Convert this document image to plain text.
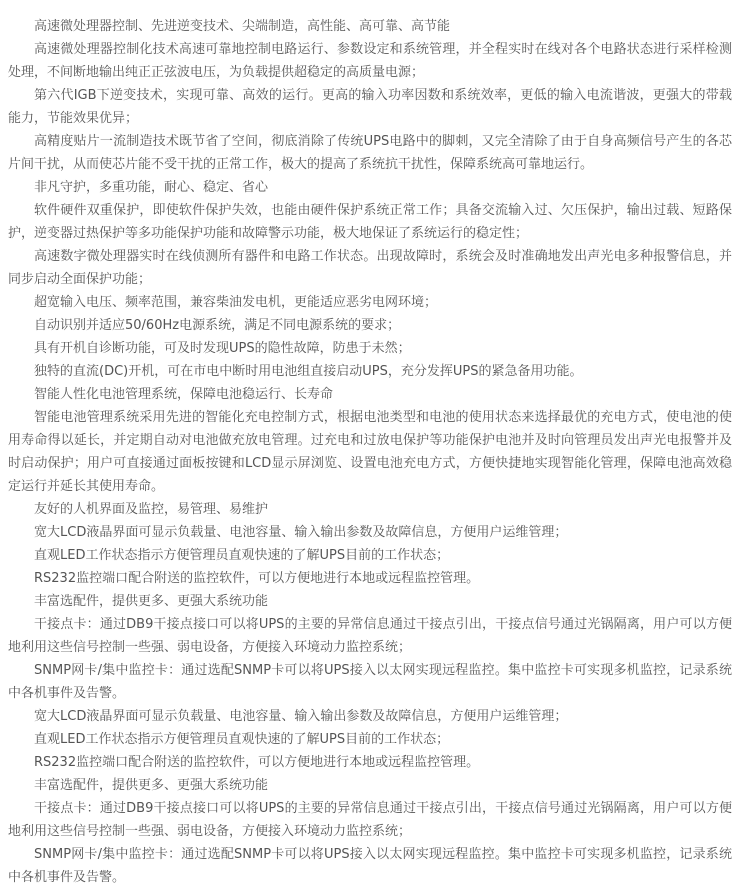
高速微处理器控制、先进逆变技术、尖端制造，高性能、高可靠、高节能

高速微处理器控制化技术高速可靠地控制电路运行、参数设定和系统管理，并全程实时在线对各个电路状态进行采样检测处理，不间断地输出纯正正弦波电压，为负载提供超稳定的高质量电源；

第六代IGB下逆变技术，实现可靠、高效的运行。更高的输入功率因数和系统效率，更低的输入电流谐波，更强大的带载能力，节能效果优异；

高精度贴片一流制造技术既节省了空间，彻底消除了传统UPS电路中的脚刺，又完全清除了由于自身高频信号产生的各芯片间干扰，从而使芯片能不受干扰的正常工作，极大的提高了系统抗干扰性，保障系统高可靠地运行。

非凡守护，多重功能，耐心、稳定、省心

软件硬件双重保护，即使软件保护失效，也能由硬件保护系统正常工作；具备交流输入过、欠压保护，输出过载、短路保护，逆变器过热保护等多功能保护功能和故障警示功能，极大地保证了系统运行的稳定性；

高速数字微处理器实时在线侦测所有器件和电路工作状态。出现故障时，系统会及时准确地发出声光电多种报警信息，并同步启动全面保护功能；

超宽输入电压、频率范围，兼容柴油发电机，更能适应恶劣电网环境；

自动识别并适应50/60Hz电源系统，满足不同电源系统的要求；

具有开机自诊断功能，可及时发现UPS的隐性故障，防患于未然；

独特的直流(DC)开机，可在市电中断时用电池组直接启动UPS，充分发挥UPS的紧急备用功能。

智能人性化电池管理系统，保障电池稳运行、长寿命

智能电池管理系统采用先进的智能化充电控制方式，根据电池类型和电池的使用状态来选择最优的充电方式，使电池的使用寿命得以延长，并定期自动对电池做充放电管理。过充电和过放电保护等功能保护电池并及时向管理员发出声光电报警并及时启动保护；用户可直接通过面板按键和LCD显示屏浏览、设置电池充电方式，方便快捷地实现智能化管理，保障电池高效稳定运行并延长其使用寿命。

友好的人机界面及监控，易管理、易维护

宽大LCD液晶界面可显示负载量、电池容量、输入输出参数及故障信息，方便用户运维管理；

直观LED工作状态指示方便管理员直观快速的了解UPS目前的工作状态；

RS232监控端口配合附送的监控软件，可以方便地进行本地或远程监控管理。

丰富选配件，提供更多、更强大系统功能

干接点卡：通过DB9干接点接口可以将UPS的主要的异常信息通过干接点引出，干接点信号通过光锅隔离，用户可以方便地利用这些信号控制一些强、弱电设备，方便接入环境动力监控系统；

SNMP网卡/集中监控卡：通过选配SNMP卡可以将UPS接入以太网实现远程监控。集中监控卡可实现多机监控，记录系统中各机事件及告警。

宽大LCD液晶界面可显示负载量、电池容量、输入输出参数及故障信息，方便用户运维管理；

直观LED工作状态指示方便管理员直观快速的了解UPS目前的工作状态；

RS232监控端口配合附送的监控软件，可以方便地进行本地或远程监控管理。

丰富选配件，提供更多、更强大系统功能

干接点卡：通过DB9干接点接口可以将UPS的主要的异常信息通过干接点引出，干接点信号通过光锅隔离，用户可以方便地利用这些信号控制一些强、弱电设备，方便接入环境动力监控系统；

SNMP网卡/集中监控卡：通过选配SNMP卡可以将UPS接入以太网实现远程监控。集中监控卡可实现多机监控，记录系统中各机事件及告警。
